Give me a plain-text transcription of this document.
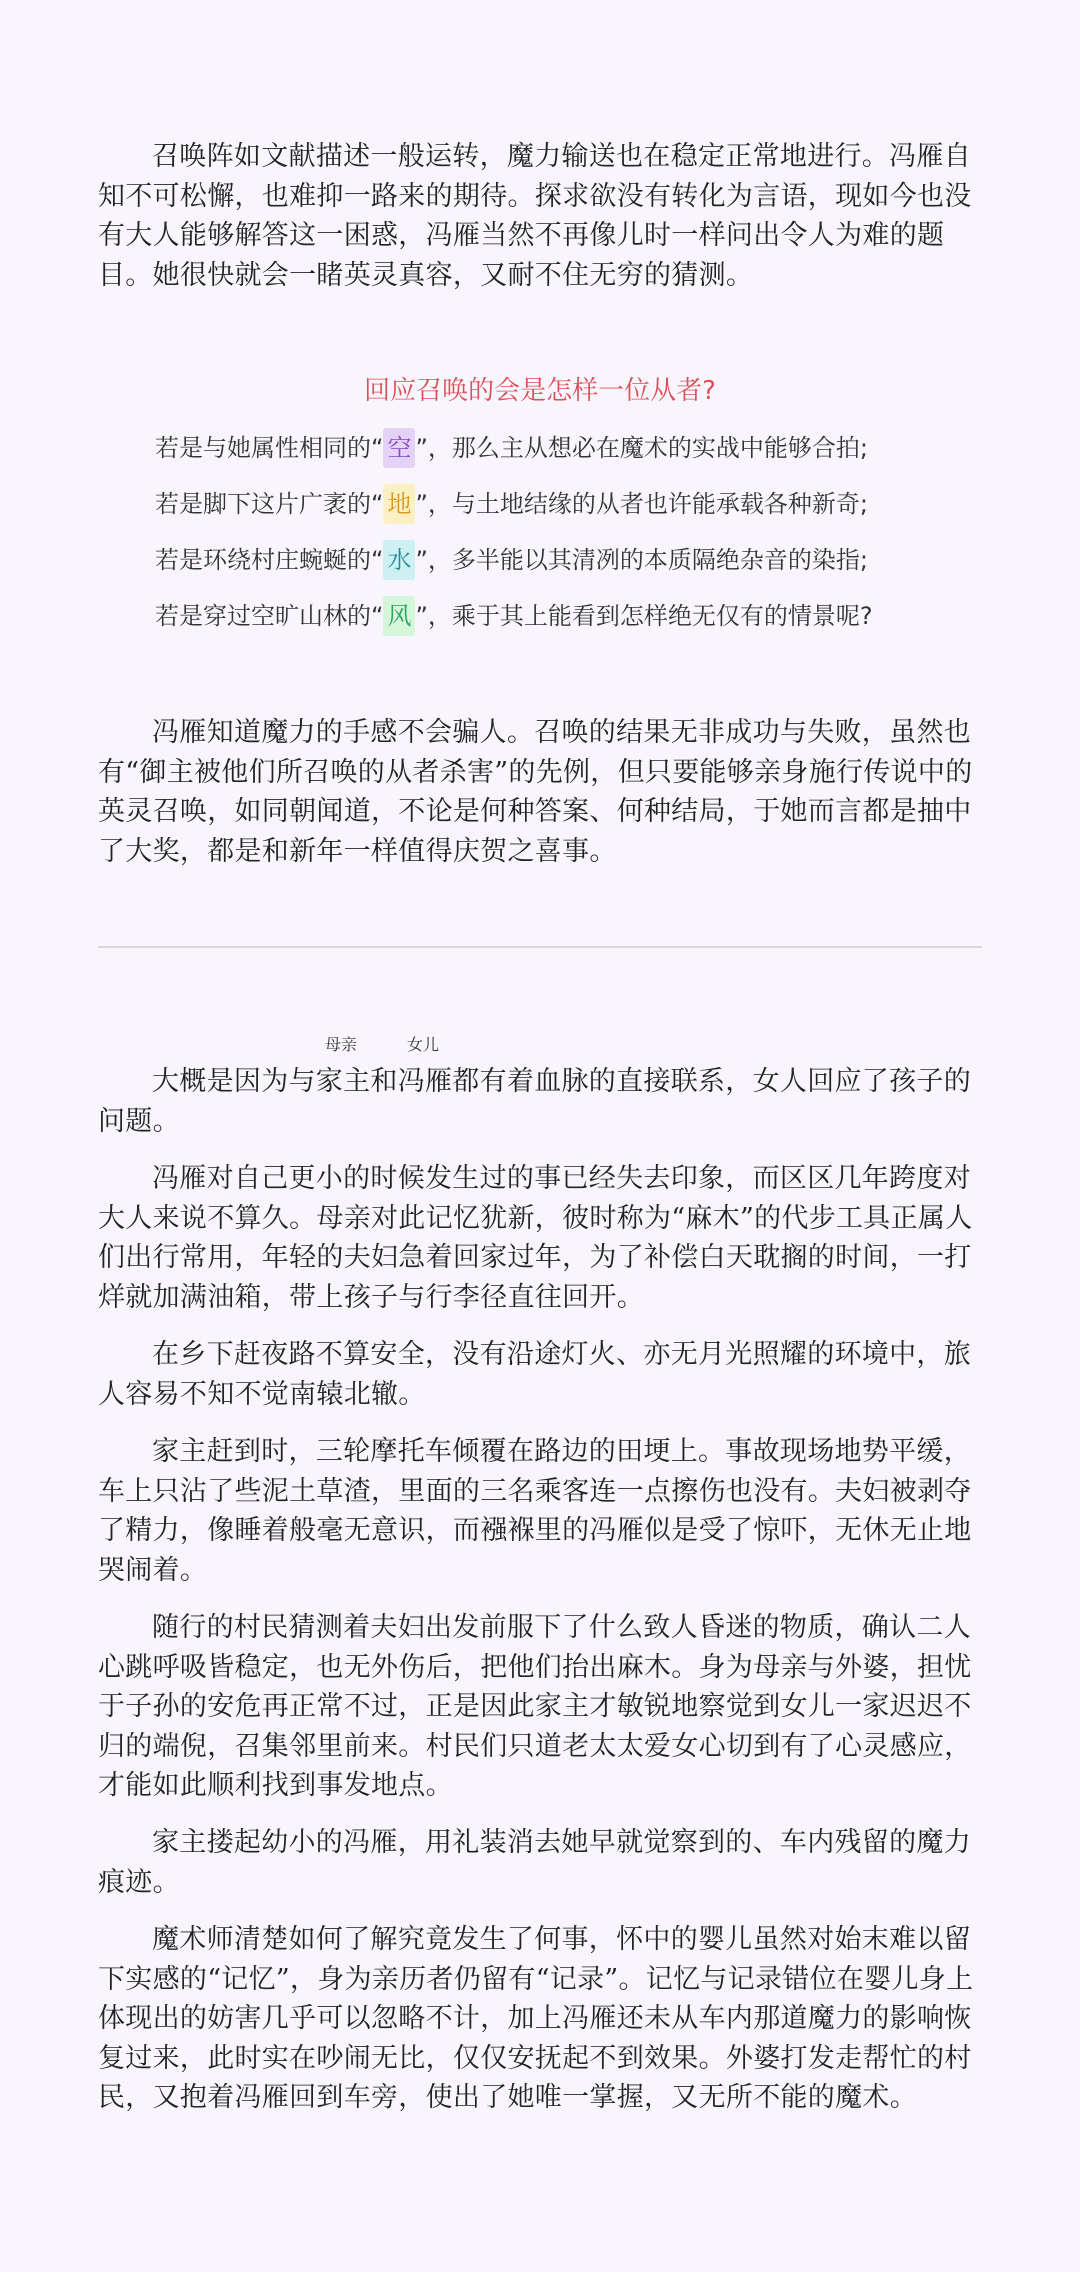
召唤阵如文献描述一般运转，魔力输送也在稳定正常地进行。冯雁自知不可松懈，也难抑一路来的期待。探求欲没有转化为言语，现如今也没有大人能够解答这一困惑，冯雁当然不再像儿时一样问出令人为难的题目。她很快就会一睹英灵真容，又耐不住无穷的猜测。

回应召唤的会是怎样一位从者?

若是与她属性相同的“ 空 ”，那么主从想必在魔术的实战中能够合拍;

若是脚下这片广袤的“ 地 ”，与土地结缘的从者也许能承载各种新奇;

若是环绕村庄蜿蜒的“ 水 ”，多半能以其清冽的本质隔绝杂音的染指;

若是穿过空旷山林的“ 风 ”，乘于其上能看到怎样绝无仅有的情景呢?

冯雁知道魔力的手感不会骗人。召唤的结果无非成功与失败，虽然也有“御主被他们所召唤的从者杀害”的先例，但只要能够亲身施行传说中的英灵召唤，如同朝闻道，不论是何种答案、何种结局，于她而言都是抽中了大奖，都是和新年一样值得庆贺之喜事。

母亲	女儿

大概是因为与家主和冯雁都有着血脉的直接联系，女人回应了孩子的问题。

冯雁对自己更小的时候发生过的事已经失去印象，而区区几年跨度对大人来说不算久。母亲对此记忆犹新，彼时称为“麻木”的代步工具正属人们出行常用，年轻的夫妇急着回家过年，为了补偿白天耽搁的时间，一打烊就加满油箱，带上孩子与行李径直往回开。

在乡下赶夜路不算安全，没有沿途灯火、亦无月光照耀的环境中，旅人容易不知不觉南辕北辙。

家主赶到时，三轮摩托车倾覆在路边的田埂上。事故现场地势平缓，车上只沾了些泥土草渣，里面的三名乘客连一点擦伤也没有。夫妇被剥夺了精力，像睡着般毫无意识，而襁褓里的冯雁似是受了惊吓，无休无止地哭闹着。

随行的村民猜测着夫妇出发前服下了什么致人昏迷的物质，确认二人心跳呼吸皆稳定，也无外伤后，把他们抬出麻木。身为母亲与外婆，担忧于子孙的安危再正常不过，正是因此家主才敏锐地察觉到女儿一家迟迟不归的端倪，召集邻里前来。村民们只道老太太爱女心切到有了心灵感应，才能如此顺利找到事发地点。

家主搂起幼小的冯雁，用礼装消去她早就觉察到的、车内残留的魔力痕迹。

魔术师清楚如何了解究竟发生了何事，怀中的婴儿虽然对始末难以留下实感的“记忆”，身为亲历者仍留有“记录”。记忆与记录错位在婴儿身上体现出的妨害几乎可以忽略不计，加上冯雁还未从车内那道魔力的影响恢复过来，此时实在吵闹无比，仅仅安抚起不到效果。外婆打发走帮忙的村民，又抱着冯雁回到车旁，使出了她唯一掌握，又无所不能的魔术。
